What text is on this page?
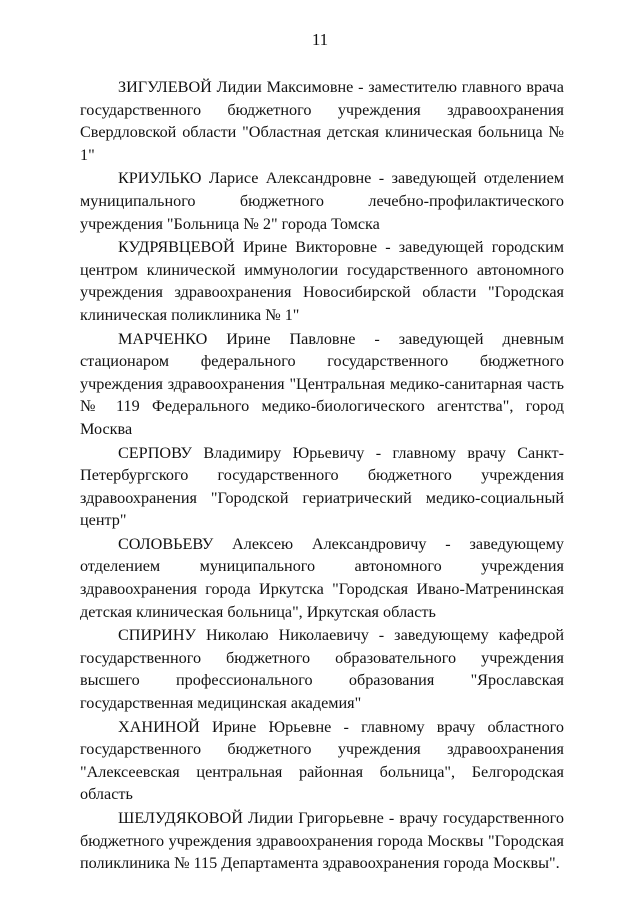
11

ЗИГУЛЕВОЙ Лидии Максимовне - заместителю главного врача государственного бюджетного учреждения здравоохранения Свердловской области "Областная детская клиническая больница № 1"

КРИУЛЬКО Ларисе Александровне - заведующей отделением муниципального бюджетного лечебно-профилактического учреждения "Больница № 2" города Томска

КУДРЯВЦЕВОЙ Ирине Викторовне - заведующей городским центром клинической иммунологии государственного автономного учреждения здравоохранения Новосибирской области "Городская клиническая поликлиника № 1"

МАРЧЕНКО Ирине Павловне - заведующей дневным стационаром федерального государственного бюджетного учреждения здравоохранения "Центральная медико-санитарная часть № 119 Федерального медико-биологического агентства", город Москва

СЕРПОВУ Владимиру Юрьевичу - главному врачу Санкт-Петербургского государственного бюджетного учреждения здравоохранения "Городской гериатрический медико-социальный центр"

СОЛОВЬЕВУ Алексею Александровичу - заведующему отделением муниципального автономного учреждения здравоохранения города Иркутска "Городская Ивано-Матренинская детская клиническая больница", Иркутская область

СПИРИНУ Николаю Николаевичу - заведующему кафедрой государственного бюджетного образовательного учреждения высшего профессионального образования "Ярославская государственная медицинская академия"

ХАНИНОЙ Ирине Юрьевне - главному врачу областного государственного бюджетного учреждения здравоохранения "Алексеевская центральная районная больница", Белгородская область

ШЕЛУДЯКОВОЙ Лидии Григорьевне - врачу государственного бюджетного учреждения здравоохранения города Москвы "Городская поликлиника № 115 Департамента здравоохранения города Москвы".
